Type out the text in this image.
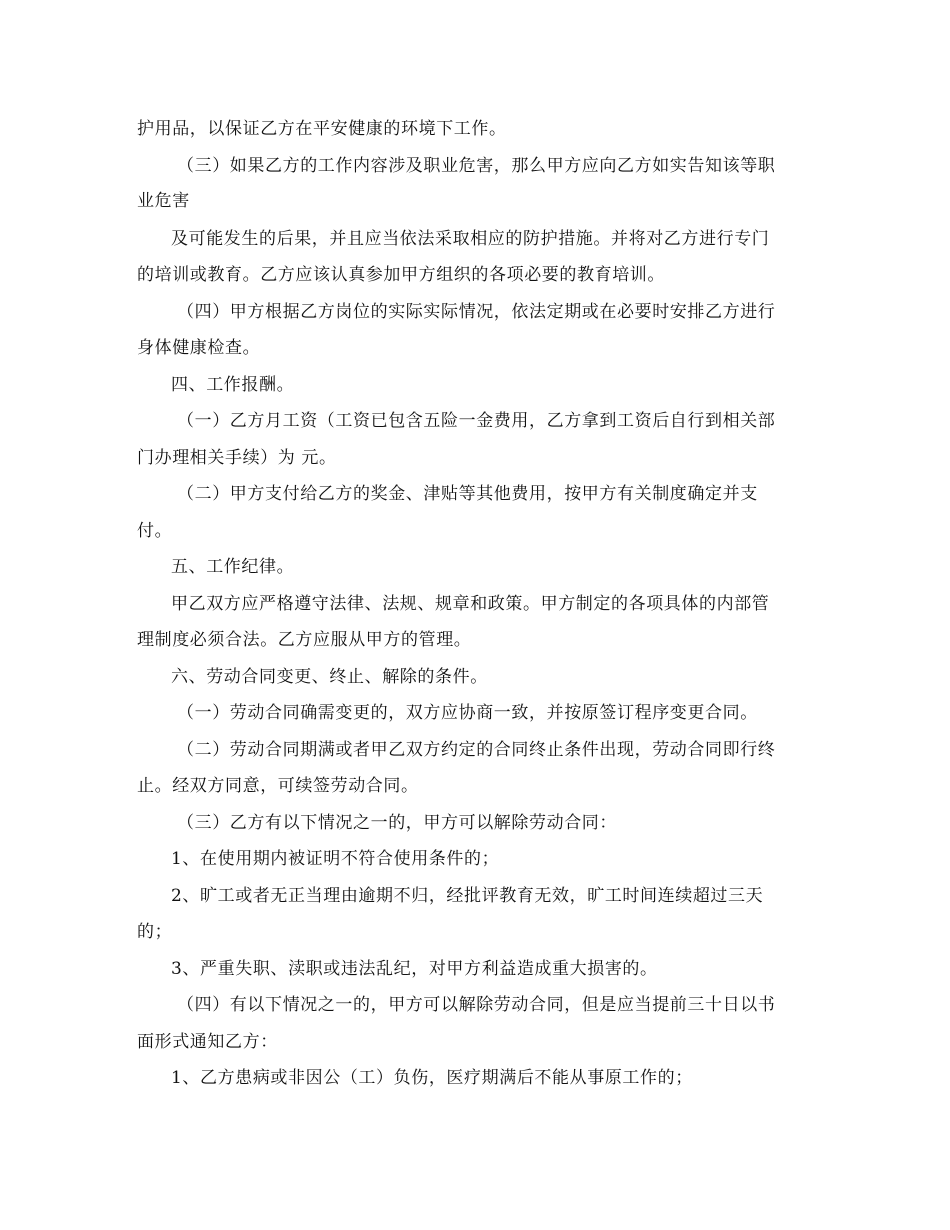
护用品，以保证乙方在平安健康的环境下工作。
（三）如果乙方的工作内容涉及职业危害，那么甲方应向乙方如实告知该等职
业危害
及可能发生的后果，并且应当依法采取相应的防护措施。并将对乙方进行专门
的培训或教育。乙方应该认真参加甲方组织的各项必要的教育培训。
（四）甲方根据乙方岗位的实际实际情况，依法定期或在必要时安排乙方进行
身体健康检查。
四、工作报酬。
（一）乙方月工资（工资已包含五险一金费用，乙方拿到工资后自行到相关部
门办理相关手续）为 元。
（二）甲方支付给乙方的奖金、津贴等其他费用，按甲方有关制度确定并支
付。
五、工作纪律。
甲乙双方应严格遵守法律、法规、规章和政策。甲方制定的各项具体的内部管
理制度必须合法。乙方应服从甲方的管理。
六、劳动合同变更、终止、解除的条件。
（一）劳动合同确需变更的，双方应协商一致，并按原签订程序变更合同。
（二）劳动合同期满或者甲乙双方约定的合同终止条件出现，劳动合同即行终
止。经双方同意，可续签劳动合同。
（三）乙方有以下情况之一的，甲方可以解除劳动合同：
1、在使用期内被证明不符合使用条件的；
2、旷工或者无正当理由逾期不归，经批评教育无效，旷工时间连续超过三天
的；
3、严重失职、渎职或违法乱纪，对甲方利益造成重大损害的。
（四）有以下情况之一的，甲方可以解除劳动合同，但是应当提前三十日以书
面形式通知乙方：
1、乙方患病或非因公（工）负伤，医疗期满后不能从事原工作的；
